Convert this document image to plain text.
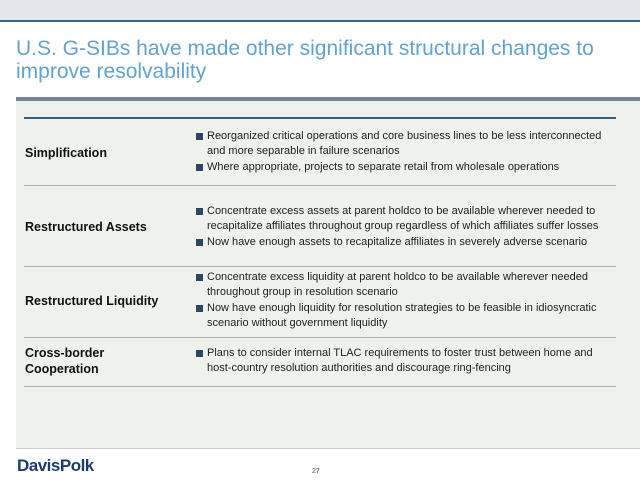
U.S. G-SIBs have made other significant structural changes to improve resolvability
Simplification
Reorganized critical operations and core business lines to be less interconnected and more separable in failure scenarios
Where appropriate, projects to separate retail from wholesale operations
Restructured Assets
Concentrate excess assets at parent holdco to be available wherever needed to recapitalize affiliates throughout group regardless of which affiliates suffer losses
Now have enough assets to recapitalize affiliates in severely adverse scenario
Restructured Liquidity
Concentrate excess liquidity at parent holdco to be available wherever needed throughout group in resolution scenario
Now have enough liquidity for resolution strategies to be feasible in idiosyncratic scenario without government liquidity
Cross-border Cooperation
Plans to consider internal TLAC requirements to foster trust between home and host-country resolution authorities and discourage ring-fencing
DavisPolk	27
